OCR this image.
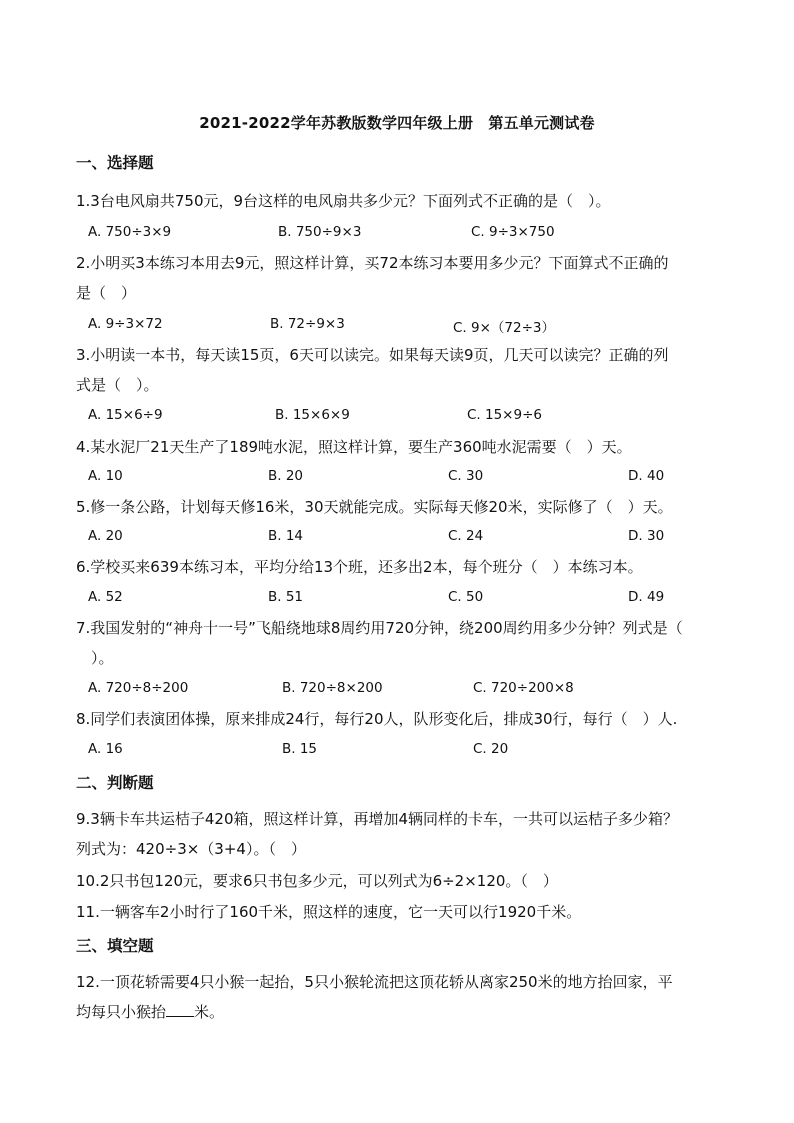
2021-2022学年苏教版数学四年级上册　第五单元测试卷
一、选择题
1.3台电风扇共750元，9台这样的电风扇共多少元？下面列式不正确的是（　）。
A. 750÷3×9	B. 750÷9×3	C. 9÷3×750
2.小明买3本练习本用去9元，照这样计算，买72本练习本要用多少元？下面算式不正确的
是（　）
A. 9÷3×72	B. 72÷9×3	C. 9×（72÷3）
3.小明读一本书，每天读15页，6天可以读完。如果每天读9页，几天可以读完？正确的列
式是（　）。
A. 15×6÷9	B. 15×6×9	C. 15×9÷6
4.某水泥厂21天生产了189吨水泥，照这样计算，要生产360吨水泥需要（　）天。
A. 10	B. 20	C. 30	D. 40
5.修一条公路，计划每天修16米，30天就能完成。实际每天修20米，实际修了（　）天。
A. 20	B. 14	C. 24	D. 30
6.学校买来639本练习本，平均分给13个班，还多出2本，每个班分（　）本练习本。
A. 52	B. 51	C. 50	D. 49
7.我国发射的“神舟十一号”飞船绕地球8周约用720分钟，绕200周约用多少分钟？列式是（
　）。
A. 720÷8÷200	B. 720÷8×200	C. 720÷200×8
8.同学们表演团体操，原来排成24行，每行20人，队形变化后，排成30行，每行（　）人.
A. 16	B. 15	C. 20
二、判断题
9.3辆卡车共运桔子420箱，照这样计算，再增加4辆同样的卡车，一共可以运桔子多少箱？
列式为：420÷3×（3+4）。（　）
10.2只书包120元，要求6只书包多少元，可以列式为6÷2×120。（　）
11.一辆客车2小时行了160千米，照这样的速度，它一天可以行1920千米。
三、填空题
12.一顶花轿需要4只小猴一起抬，5只小猴轮流把这顶花轿从离家250米的地方抬回家，平
均每只小猴抬 米。
